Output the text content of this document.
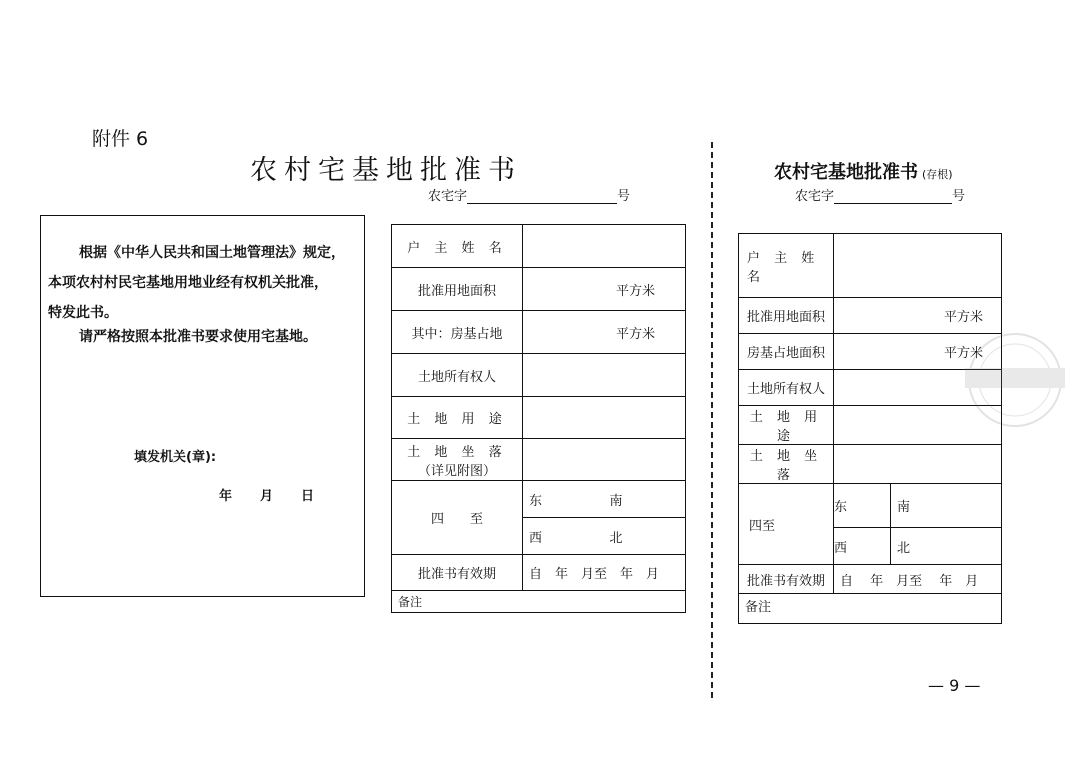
附件 6
农村宅基地批准书
农宅字	号
农村宅基地批准书 (存根)
农宅字	号
根据《中华人民共和国土地管理法》规定，
本项农村村民宅基地用地业经有权机关批准，
特发此书。
请严格按照本批准书要求使用宅基地。
填发机关(章):
年 月 日
户 主 姓 名		
批准用地面积	平方米	

其中：房基占地	平方米	

土地所有权人		
土 地 用 途		

土 地 坐 落
（详见附图）		

四　　至	东	南
	西	北
批准书有效期	自　年　月至　年　月	
备注		
户 主 姓 名		
批准用地面积	平方米	

房基占地面积	平方米	

土地所有权人		
土 地 用 途		
土 地 坐 落		
四至	东	南
	西	北
批准书有效期	自　 年　月至　 年　月	
备注		
— 9 —
